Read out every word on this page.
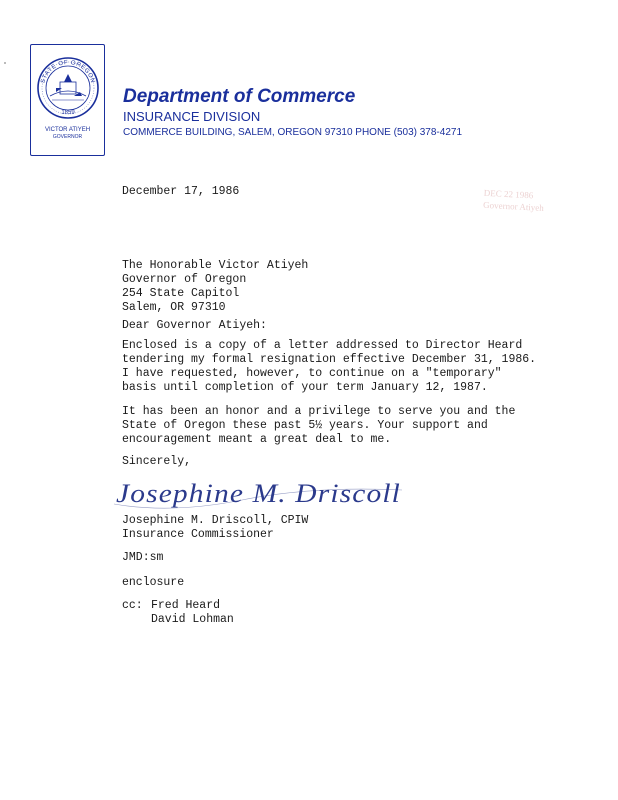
STATE OF OREGON
1859
VICTOR ATIYEH
GOVERNOR
Department of Commerce
INSURANCE DIVISION
COMMERCE BUILDING, SALEM, OREGON 97310 PHONE (503) 378-4271
DEC 22 1986
Governor Atiyeh
December 17, 1986
The Honorable Victor Atiyeh
Governor of Oregon
254 State Capitol
Salem, OR 97310
Dear Governor Atiyeh:
Enclosed is a copy of a letter addressed to Director Heard
tendering my formal resignation effective December 31, 1986.
I have requested, however, to continue on a "temporary"
basis until completion of your term January 12, 1987.
It has been an honor and a privilege to serve you and the
State of Oregon these past 5½ years. Your support and
encouragement meant a great deal to me.
Sincerely,
Josephine M. Driscoll
Josephine M. Driscoll, CPIW
Insurance Commissioner
JMD:sm
enclosure
cc: Fred Heard
David Lohman
